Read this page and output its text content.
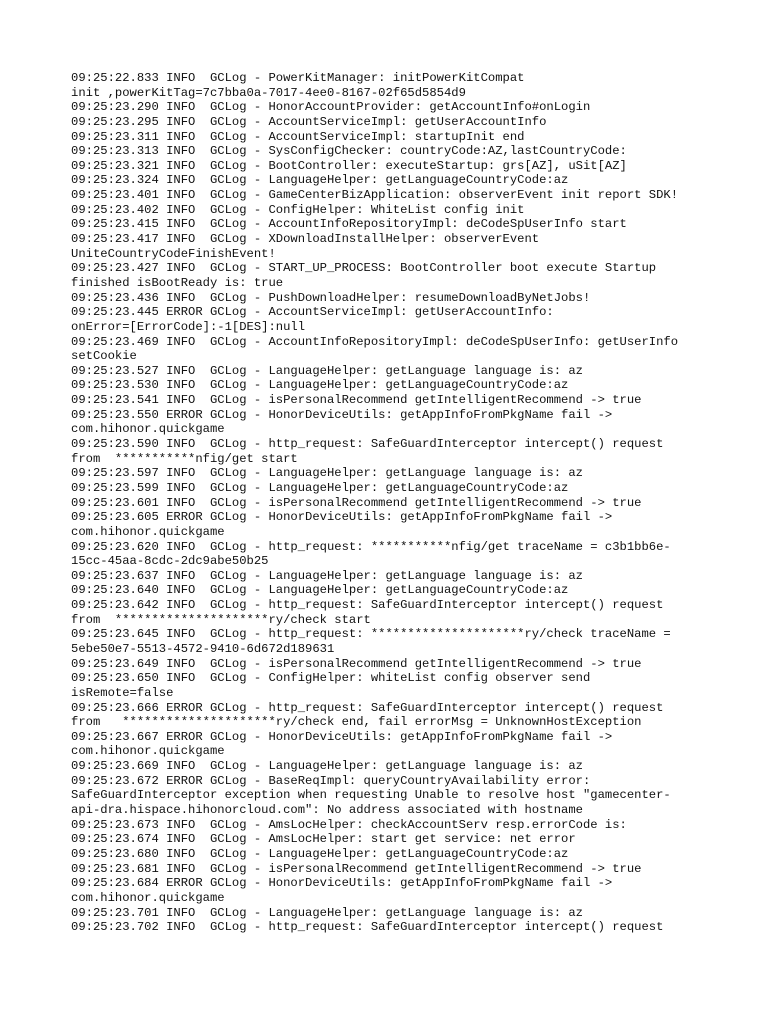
09:25:22.833 INFO  GCLog - PowerKitManager: initPowerKitCompat
init ,powerKitTag=7c7bba0a-7017-4ee0-8167-02f65d5854d9
09:25:23.290 INFO  GCLog - HonorAccountProvider: getAccountInfo#onLogin
09:25:23.295 INFO  GCLog - AccountServiceImpl: getUserAccountInfo
09:25:23.311 INFO  GCLog - AccountServiceImpl: startupInit end
09:25:23.313 INFO  GCLog - SysConfigChecker: countryCode:AZ,lastCountryCode:
09:25:23.321 INFO  GCLog - BootController: executeStartup: grs[AZ], uSit[AZ]
09:25:23.324 INFO  GCLog - LanguageHelper: getLanguageCountryCode:az
09:25:23.401 INFO  GCLog - GameCenterBizApplication: observerEvent init report SDK!
09:25:23.402 INFO  GCLog - ConfigHelper: WhiteList config init
09:25:23.415 INFO  GCLog - AccountInfoRepositoryImpl: deCodeSpUserInfo start
09:25:23.417 INFO  GCLog - XDownloadInstallHelper: observerEvent
UniteCountryCodeFinishEvent!
09:25:23.427 INFO  GCLog - START_UP_PROCESS: BootController boot execute Startup
finished isBootReady is: true
09:25:23.436 INFO  GCLog - PushDownloadHelper: resumeDownloadByNetJobs!
09:25:23.445 ERROR GCLog - AccountServiceImpl: getUserAccountInfo:
onError=[ErrorCode]:-1[DES]:null
09:25:23.469 INFO  GCLog - AccountInfoRepositoryImpl: deCodeSpUserInfo: getUserInfo
setCookie
09:25:23.527 INFO  GCLog - LanguageHelper: getLanguage language is: az
09:25:23.530 INFO  GCLog - LanguageHelper: getLanguageCountryCode:az
09:25:23.541 INFO  GCLog - isPersonalRecommend getIntelligentRecommend -> true
09:25:23.550 ERROR GCLog - HonorDeviceUtils: getAppInfoFromPkgName fail ->
com.hihonor.quickgame
09:25:23.590 INFO  GCLog - http_request: SafeGuardInterceptor intercept() request
from  ***********nfig/get start
09:25:23.597 INFO  GCLog - LanguageHelper: getLanguage language is: az
09:25:23.599 INFO  GCLog - LanguageHelper: getLanguageCountryCode:az
09:25:23.601 INFO  GCLog - isPersonalRecommend getIntelligentRecommend -> true
09:25:23.605 ERROR GCLog - HonorDeviceUtils: getAppInfoFromPkgName fail ->
com.hihonor.quickgame
09:25:23.620 INFO  GCLog - http_request: ***********nfig/get traceName = c3b1bb6e-
15cc-45aa-8cdc-2dc9abe50b25
09:25:23.637 INFO  GCLog - LanguageHelper: getLanguage language is: az
09:25:23.640 INFO  GCLog - LanguageHelper: getLanguageCountryCode:az
09:25:23.642 INFO  GCLog - http_request: SafeGuardInterceptor intercept() request
from  *********************ry/check start
09:25:23.645 INFO  GCLog - http_request: *********************ry/check traceName =
5ebe50e7-5513-4572-9410-6d672d189631
09:25:23.649 INFO  GCLog - isPersonalRecommend getIntelligentRecommend -> true
09:25:23.650 INFO  GCLog - ConfigHelper: whiteList config observer send
isRemote=false
09:25:23.666 ERROR GCLog - http_request: SafeGuardInterceptor intercept() request
from   *********************ry/check end, fail errorMsg = UnknownHostException
09:25:23.667 ERROR GCLog - HonorDeviceUtils: getAppInfoFromPkgName fail ->
com.hihonor.quickgame
09:25:23.669 INFO  GCLog - LanguageHelper: getLanguage language is: az
09:25:23.672 ERROR GCLog - BaseReqImpl: queryCountryAvailability error:
SafeGuardInterceptor exception when requesting Unable to resolve host "gamecenter-
api-dra.hispace.hihonorcloud.com": No address associated with hostname
09:25:23.673 INFO  GCLog - AmsLocHelper: checkAccountServ resp.errorCode is:
09:25:23.674 INFO  GCLog - AmsLocHelper: start get service: net error
09:25:23.680 INFO  GCLog - LanguageHelper: getLanguageCountryCode:az
09:25:23.681 INFO  GCLog - isPersonalRecommend getIntelligentRecommend -> true
09:25:23.684 ERROR GCLog - HonorDeviceUtils: getAppInfoFromPkgName fail ->
com.hihonor.quickgame
09:25:23.701 INFO  GCLog - LanguageHelper: getLanguage language is: az
09:25:23.702 INFO  GCLog - http_request: SafeGuardInterceptor intercept() request
